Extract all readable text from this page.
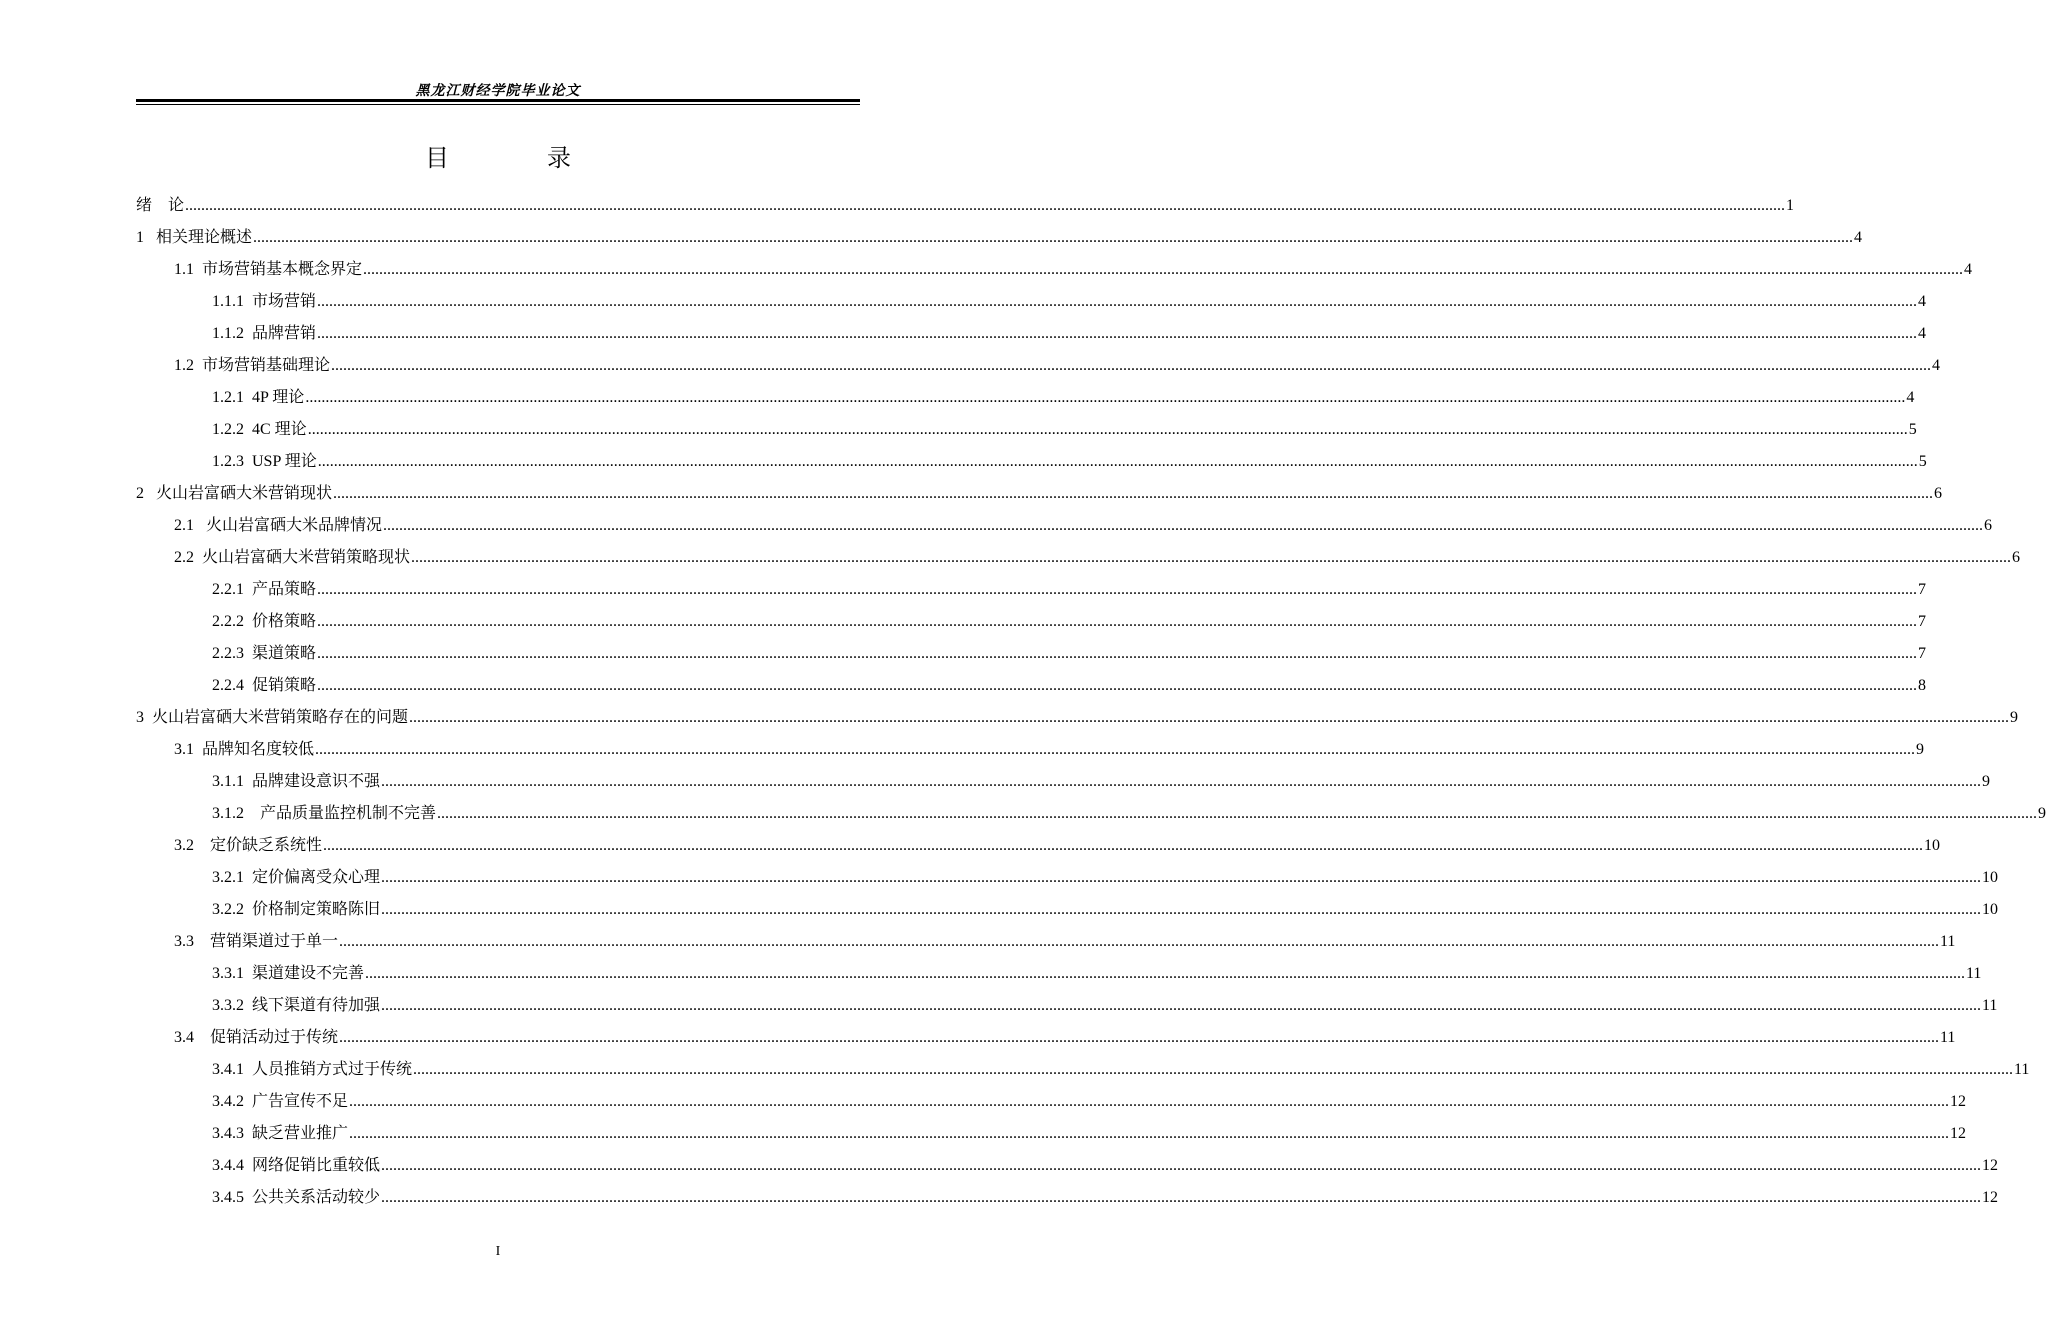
黑龙江财经学院毕业论文
目 录
绪    论 ................................................................................................................................................................................................................................................................................................................................................................................................................ 1
1   相关理论概述 ................................................................................................................................................................................................................................................................................................................................................................................................................ 4
1.1  市场营销基本概念界定 ................................................................................................................................................................................................................................................................................................................................................................................................................ 4
1.1.1  市场营销 ................................................................................................................................................................................................................................................................................................................................................................................................................ 4
1.1.2  品牌营销 ................................................................................................................................................................................................................................................................................................................................................................................................................ 4
1.2  市场营销基础理论 ................................................................................................................................................................................................................................................................................................................................................................................................................ 4
1.2.1  4P 理论 ................................................................................................................................................................................................................................................................................................................................................................................................................ 4
1.2.2  4C 理论 ................................................................................................................................................................................................................................................................................................................................................................................................................ 5
1.2.3  USP 理论 ................................................................................................................................................................................................................................................................................................................................................................................................................ 5
2   火山岩富硒大米营销现状 ................................................................................................................................................................................................................................................................................................................................................................................................................ 6
2.1   火山岩富硒大米品牌情况 ................................................................................................................................................................................................................................................................................................................................................................................................................ 6
2.2  火山岩富硒大米营销策略现状 ................................................................................................................................................................................................................................................................................................................................................................................................................ 6
2.2.1  产品策略 ................................................................................................................................................................................................................................................................................................................................................................................................................ 7
2.2.2  价格策略 ................................................................................................................................................................................................................................................................................................................................................................................................................ 7
2.2.3  渠道策略 ................................................................................................................................................................................................................................................................................................................................................................................................................ 7
2.2.4  促销策略 ................................................................................................................................................................................................................................................................................................................................................................................................................ 8
3  火山岩富硒大米营销策略存在的问题 ................................................................................................................................................................................................................................................................................................................................................................................................................ 9
3.1  品牌知名度较低 ................................................................................................................................................................................................................................................................................................................................................................................................................ 9
3.1.1  品牌建设意识不强 ................................................................................................................................................................................................................................................................................................................................................................................................................ 9
3.1.2    产品质量监控机制不完善 ................................................................................................................................................................................................................................................................................................................................................................................................................ 9
3.2    定价缺乏系统性 ................................................................................................................................................................................................................................................................................................................................................................................................................ 10
3.2.1  定价偏离受众心理 ................................................................................................................................................................................................................................................................................................................................................................................................................ 10
3.2.2  价格制定策略陈旧 ................................................................................................................................................................................................................................................................................................................................................................................................................ 10
3.3    营销渠道过于单一 ................................................................................................................................................................................................................................................................................................................................................................................................................ 11
3.3.1  渠道建设不完善 ................................................................................................................................................................................................................................................................................................................................................................................................................ 11
3.3.2  线下渠道有待加强 ................................................................................................................................................................................................................................................................................................................................................................................................................ 11
3.4    促销活动过于传统 ................................................................................................................................................................................................................................................................................................................................................................................................................ 11
3.4.1  人员推销方式过于传统 ................................................................................................................................................................................................................................................................................................................................................................................................................ 11
3.4.2  广告宣传不足 ................................................................................................................................................................................................................................................................................................................................................................................................................ 12
3.4.3  缺乏营业推广 ................................................................................................................................................................................................................................................................................................................................................................................................................ 12
3.4.4  网络促销比重较低 ................................................................................................................................................................................................................................................................................................................................................................................................................ 12
3.4.5  公共关系活动较少 ................................................................................................................................................................................................................................................................................................................................................................................................................ 12
I
